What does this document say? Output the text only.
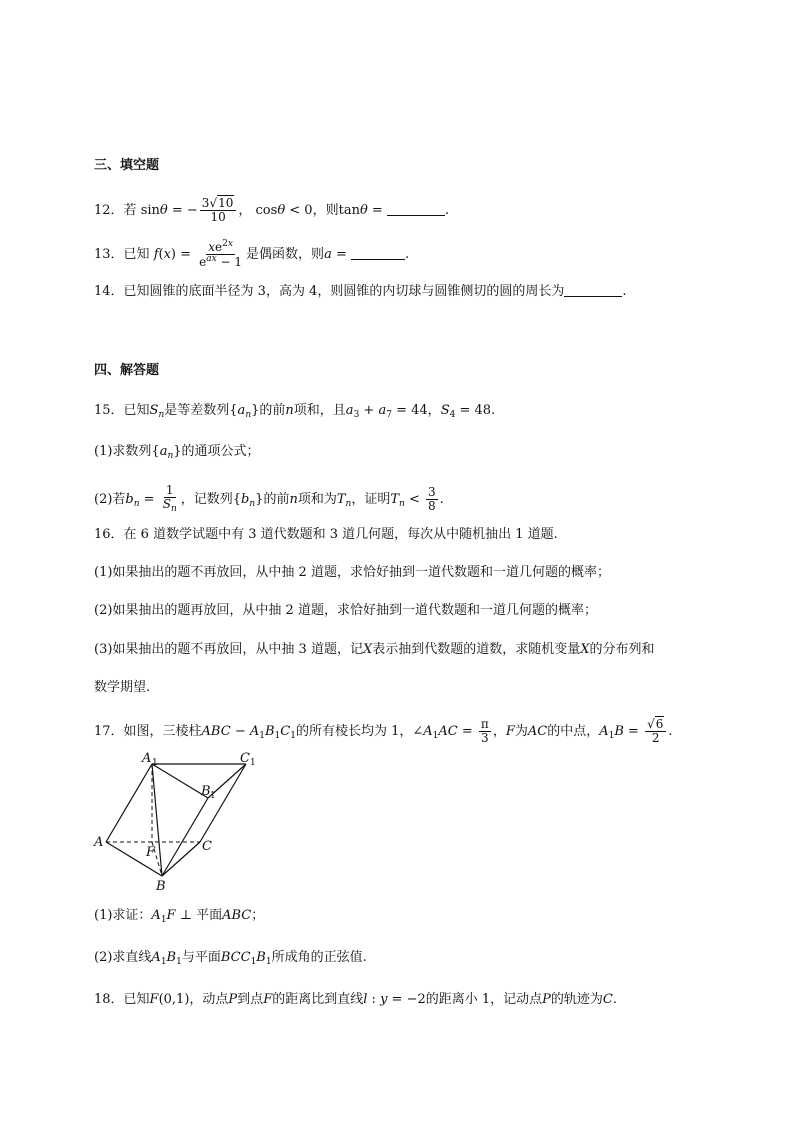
三、填空题
12．若 sinθ = − $\frac{3√10}{10}$ ， cosθ < 0，则tanθ =	.
13．已知 $f(x) = \frac{xe^{2x}}{e^{ax} - 1}$ 是偶函数，则a =	.
14．已知圆锥的底面半径为 3，高为 4，则圆锥的内切球与圆锥侧切的圆的周长为	.
四、解答题
15．已知$S_n$是等差数列$\{a_n\}$的前n项和，且$a_3 + a_7 = 44$，$S_4 = 48$.
(1)求数列$\{a_n\}$的通项公式；
(2)若$b_n = \frac{1}{S_n}$ ，记数列$\{b_n\}$的前n项和为$T_n$，证明$T_n < \frac{3}{8}$ .
16．在 6 道数学试题中有 3 道代数题和 3 道几何题，每次从中随机抽出 1 道题.
(1)如果抽出的题不再放回，从中抽 2 道题，求恰好抽到一道代数题和一道几何题的概率；
(2)如果抽出的题再放回，从中抽 2 道题，求恰好抽到一道代数题和一道几何题的概率；
(3)如果抽出的题不再放回，从中抽 3 道题，记X表示抽到代数题的道数，求随机变量X的分布列和
数学期望.
17．如图，三棱柱ABC − $A_1B_1C_1$的所有棱长均为 1，$\angle A_1AC = \frac{\pi}{3}$ ，F为AC的中点，$A_1B = \frac{√6}{2}$ .
A 1	C 1
B 1
A
B
C
F
(1)求证：$A_1F$ ⊥ 平面ABC；
(2)求直线$A_1B_1$与平面$BCC_1B_1$所成角的正弦值.
18．已知F(0,1)，动点P到点F的距离比到直线l : y = −2的距离小 1，记动点P的轨迹为C.
